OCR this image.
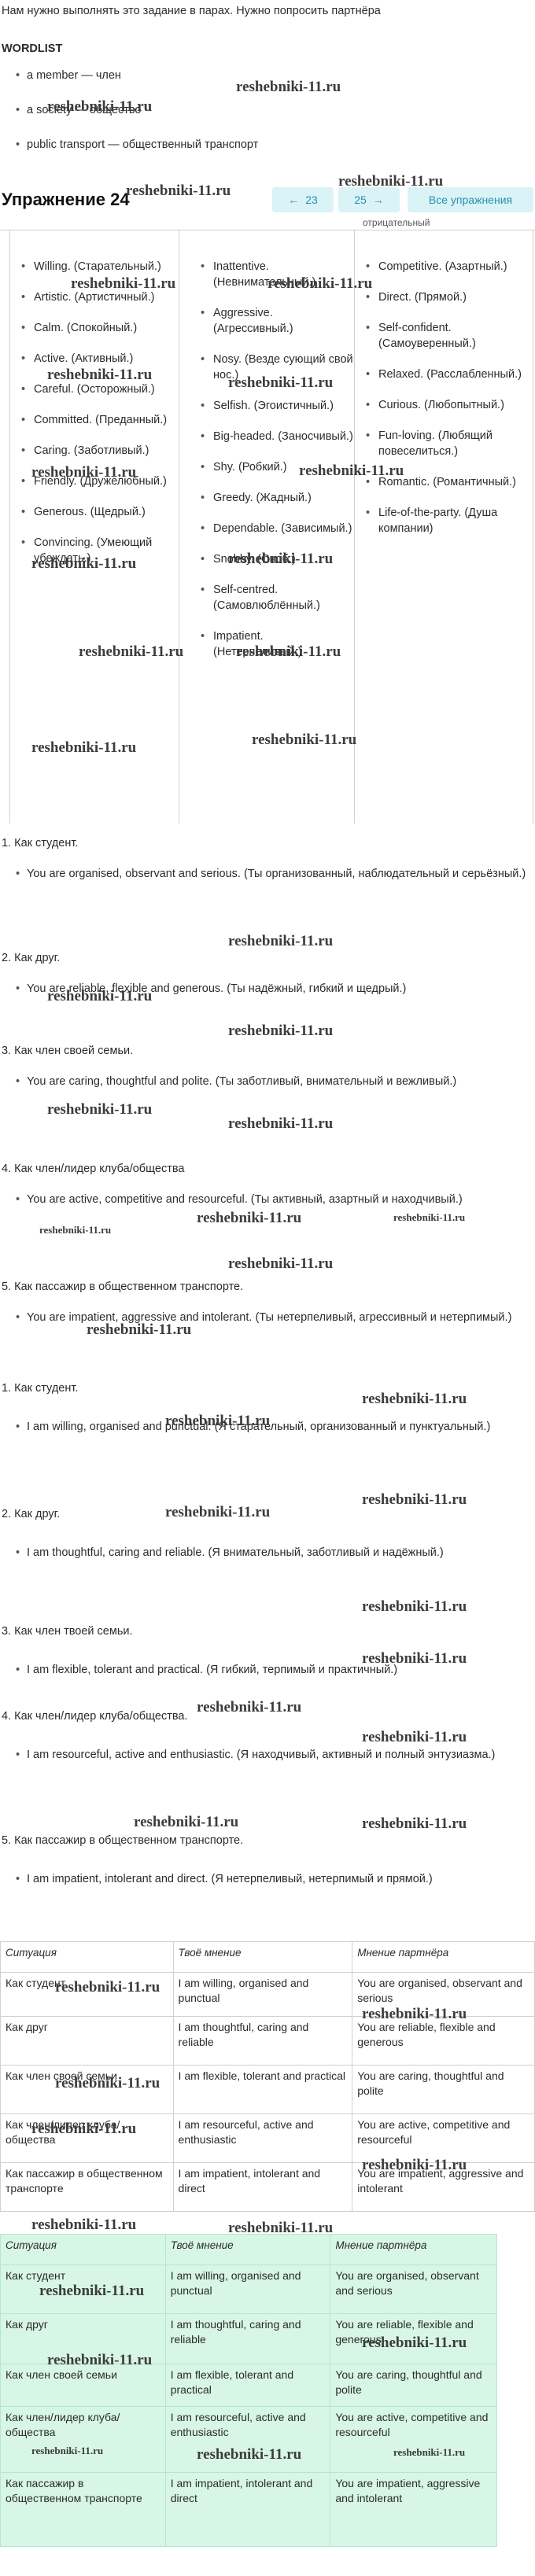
Нам нужно выполнять это задание в парах. Нужно попросить партнёра

WORDLIST
• a member — член
• a society — общество
• public transport — общественный транспорт
• Willing. (Старательный.)
• Artistic. (Артистичный.)
• Calm. (Спокойный.)
• Active. (Активный.)
• Careful. (Осторожный.)
• Committed. (Преданный.)
• Caring. (Заботливый.)
• Friendly. (Дружелюбный.)
• Generous. (Щедрый.)
• Convincing. (Умеющий убеждать.)
• Inattentive. (Невнимательный.)
• Aggressive. (Агрессивный.)
• Nosy. (Везде сующий свой нос.)
• Selfish. (Эгоистичный.)
• Big-headed. (Заносчивый.)
• Shy. (Робкий.)
• Greedy. (Жадный.)
• Dependable. (Зависимый.)
• Snobby. (Сноб.)
• Self-centred. (Самовлюблённый.)
• Impatient. (Нетерпеливый.)
• Competitive. (Азартный.)
• Direct. (Прямой.)
• Self-confident. (Самоуверенный.)
• Relaxed. (Расслабленный.)
• Curious. (Любопытный.)
• Fun-loving. (Любящий повеселиться.)
• Romantic. (Романтичный.)
• Life-of-the-party. (Душа компании)
Упражнение 24	← 23	25 →	Все упражнения
отрицательный

1. Как студент.

• You are organised, observant and serious. (Ты организованный, наблюдательный и серьёзный.)

2. Как друг.

• You are reliable, flexible and generous. (Ты надёжный, гибкий и щедрый.)

3. Как член своей семьи.

• You are caring, thoughtful and polite. (Ты заботливый, внимательный и вежливый.)

4. Как член/лидер клуба/общества

• You are active, competitive and resourceful. (Ты активный, азартный и находчивый.)

5. Как пассажир в общественном транспорте.

• You are impatient, aggressive and intolerant. (Ты нетерпеливый, агрессивный и нетерпимый.)

1. Как студент.

• I am willing, organised and punctual. (Я старательный, организованный и пунктуальный.)

2. Как друг.

• I am thoughtful, caring and reliable. (Я внимательный, заботливый и надёжный.)

3. Как член твоей семьи.

• I am flexible, tolerant and practical. (Я гибкий, терпимый и практичный.)

4. Как член/лидер клуба/общества.

• I am resourceful, active and enthusiastic. (Я находчивый, активный и полный энтузиазма.)

5. Как пассажир в общественном транспорте.

• I am impatient, intolerant and direct. (Я нетерпеливый, нетерпимый и прямой.)

Ситуация	Твоё мнение	Мнение партнёра
Как студент	I am willing, organised and punctual	You are organised, observant and serious
Как друг	I am thoughtful, caring and reliable	You are reliable, flexible and generous
Как член своей семьи	I am flexible, tolerant and practical	You are caring, thoughtful and polite
Как член/лидер клуба/общества	I am resourceful, active and enthusiastic	You are active, competitive and resourceful
Как пассажир в общественном транспорте	I am impatient, intolerant and direct	You are impatient, aggressive and intolerant
Ситуация	Твоё мнение	Мнение партнёра
Как студент	I am willing, organised and punctual	You are organised, observant and serious
Как друг	I am thoughtful, caring and reliable	You are reliable, flexible and generous
Как член своей семьи	I am flexible, tolerant and practical	You are caring, thoughtful and polite
Как член/лидер клуба/общества	I am resourceful, active and enthusiastic	You are active, competitive and resourceful
Как пассажир в общественном транспорте	I am impatient, intolerant and direct	You are impatient, aggressive and intolerant
reshebniki-11.ru
reshebniki-11.ru
reshebniki-11.ru
reshebniki-11.ru
reshebniki-11.ru
reshebniki-11.ru
reshebniki-11.ru
reshebniki-11.ru
reshebniki-11.ru
reshebniki-11.ru
reshebniki-11.ru
reshebniki-11.ru
reshebniki-11.ru
reshebniki-11.ru
reshebniki-11.ru
reshebniki-11.ru
reshebniki-11.ru
reshebniki-11.ru
reshebniki-11.ru
reshebniki-11.ru
reshebniki-11.ru
reshebniki-11.ru
reshebniki-11.ru
reshebniki-11.ru
reshebniki-11.ru
reshebniki-11.ru
reshebniki-11.ru
reshebniki-11.ru
reshebniki-11.ru
reshebniki-11.ru
reshebniki-11.ru
reshebniki-11.ru
reshebniki-11.ru
reshebniki-11.ru
reshebniki-11.ru
reshebniki-11.ru
reshebniki-11.ru
reshebniki-11.ru
reshebniki-11.ru
reshebniki-11.ru
reshebniki-11.ru
reshebniki-11.ru
reshebniki-11.ru
reshebniki-11.ru
reshebniki-11.ru
reshebniki-11.ru
reshebniki-11.ru
reshebniki-11.ru
reshebniki-11.ru
